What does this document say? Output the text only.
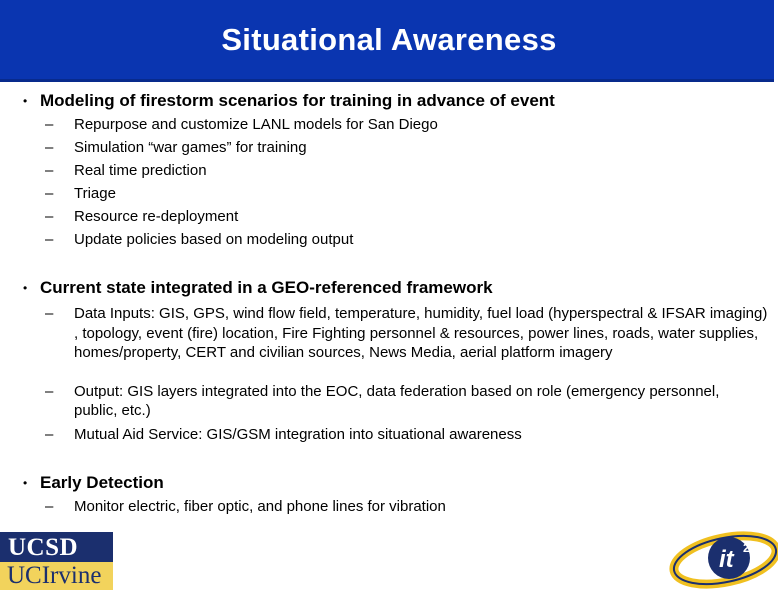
Situational Awareness
• Modeling of firestorm scenarios for training in advance of event
– Repurpose and customize LANL models for San Diego
– Simulation “war games” for training
– Real time prediction
– Triage
– Resource re-deployment
– Update policies based on modeling output
• Current state integrated in a GEO-referenced framework
– Data Inputs: GIS, GPS, wind flow field, temperature, humidity, fuel load (hyperspectral & IFSAR imaging) , topology, event (fire) location, Fire Fighting personnel & resources, power lines, roads, water supplies, homes/property, CERT and civilian sources, News Media, aerial platform imagery
– Output: GIS layers integrated into the EOC, data federation based on role (emergency personnel, public, etc.)
– Mutual Aid Service: GIS/GSM integration into situational awareness
• Early Detection
– Monitor electric, fiber optic, and phone lines for vibration
UCSD
UCIrvine
it 2
